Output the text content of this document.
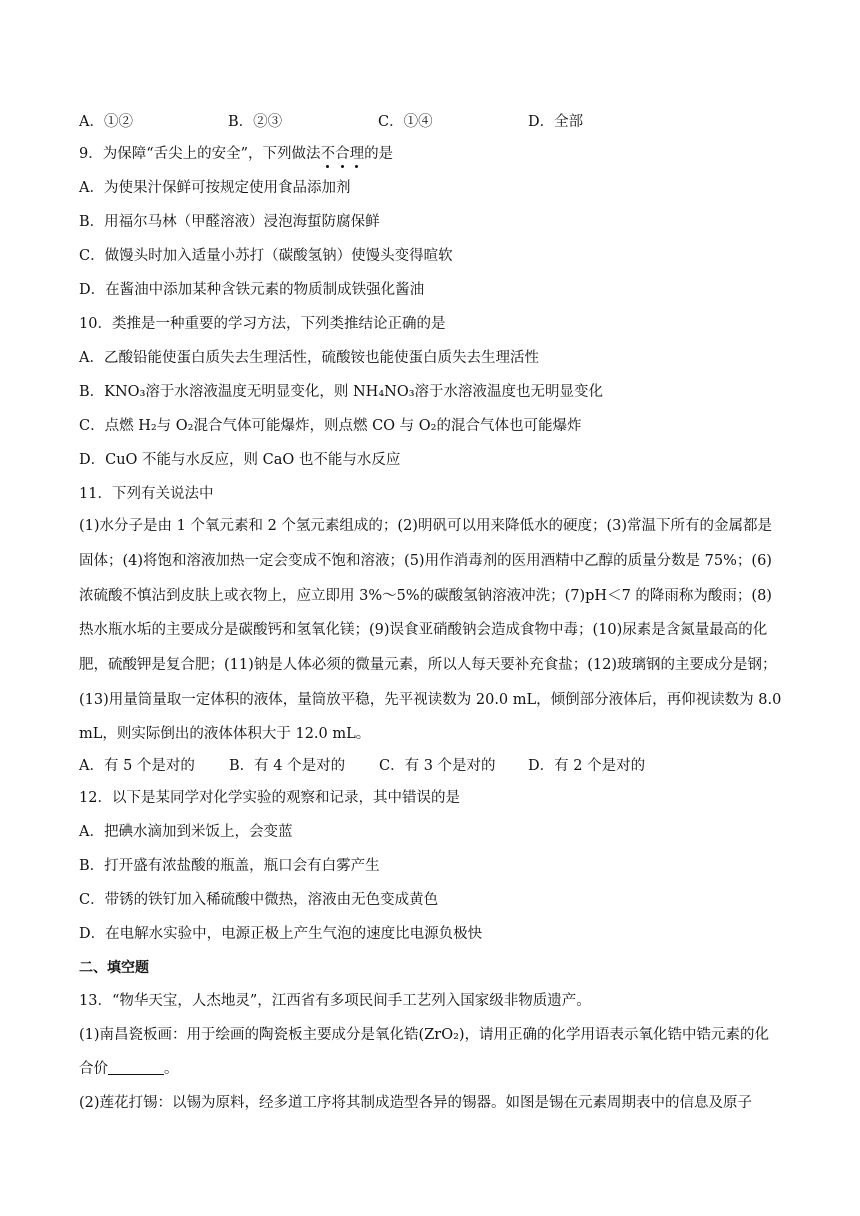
A．①②	B．②③	C．①④	D．全部
9．为保障“舌尖上的安全”，下列做法不合理的是
A．为使果汁保鲜可按规定使用食品添加剂
B．用福尔马林（甲醛溶液）浸泡海蜇防腐保鲜
C．做馒头时加入适量小苏打（碳酸氢钠）使馒头变得暄软
D．在酱油中添加某种含铁元素的物质制成铁强化酱油
10．类推是一种重要的学习方法，下列类推结论正确的是
A．乙酸铅能使蛋白质失去生理活性，硫酸铵也能使蛋白质失去生理活性
B．KNO₃溶于水溶液温度无明显变化，则 NH₄NO₃溶于水溶液温度也无明显变化
C．点燃 H₂与 O₂混合气体可能爆炸，则点燃 CO 与 O₂的混合气体也可能爆炸
D．CuO 不能与水反应，则 CaO 也不能与水反应
11．下列有关说法中
(1)水分子是由 1 个氧元素和 2 个氢元素组成的；(2)明矾可以用来降低水的硬度；(3)常温下所有的金属都是
固体；(4)将饱和溶液加热一定会变成不饱和溶液；(5)用作消毒剂的医用酒精中乙醇的质量分数是 75%；(6)
浓硫酸不慎沾到皮肤上或衣物上，应立即用 3%～5%的碳酸氢钠溶液冲洗；(7)pH＜7 的降雨称为酸雨；(8)
热水瓶水垢的主要成分是碳酸钙和氢氧化镁；(9)误食亚硝酸钠会造成食物中毒；(10)尿素是含氮量最高的化
肥，硫酸钾是复合肥；(11)钠是人体必须的微量元素，所以人每天要补充食盐；(12)玻璃钢的主要成分是钢；
(13)用量筒量取一定体积的液体，量筒放平稳，先平视读数为 20.0 mL，倾倒部分液体后，再仰视读数为 8.0
mL，则实际倒出的液体体积大于 12.0 mL。
A．有 5 个是对的 B．有 4 个是对的 C．有 3 个是对的 D．有 2 个是对的
12．以下是某同学对化学实验的观察和记录，其中错误的是
A．把碘水滴加到米饭上，会变蓝
B．打开盛有浓盐酸的瓶盖，瓶口会有白雾产生
C．带锈的铁钉加入稀硫酸中微热，溶液由无色变成黄色
D．在电解水实验中，电源正极上产生气泡的速度比电源负极快
二、填空题
13．“物华天宝，人杰地灵”，江西省有多项民间手工艺列入国家级非物质遗产。
(1)南昌瓷板画：用于绘画的陶瓷板主要成分是氧化锆(ZrO₂)，请用正确的化学用语表示氧化锆中锆元素的化
合价	。
(2)莲花打锡：以锡为原料，经多道工序将其制成造型各异的锡器。如图是锡在元素周期表中的信息及原子
